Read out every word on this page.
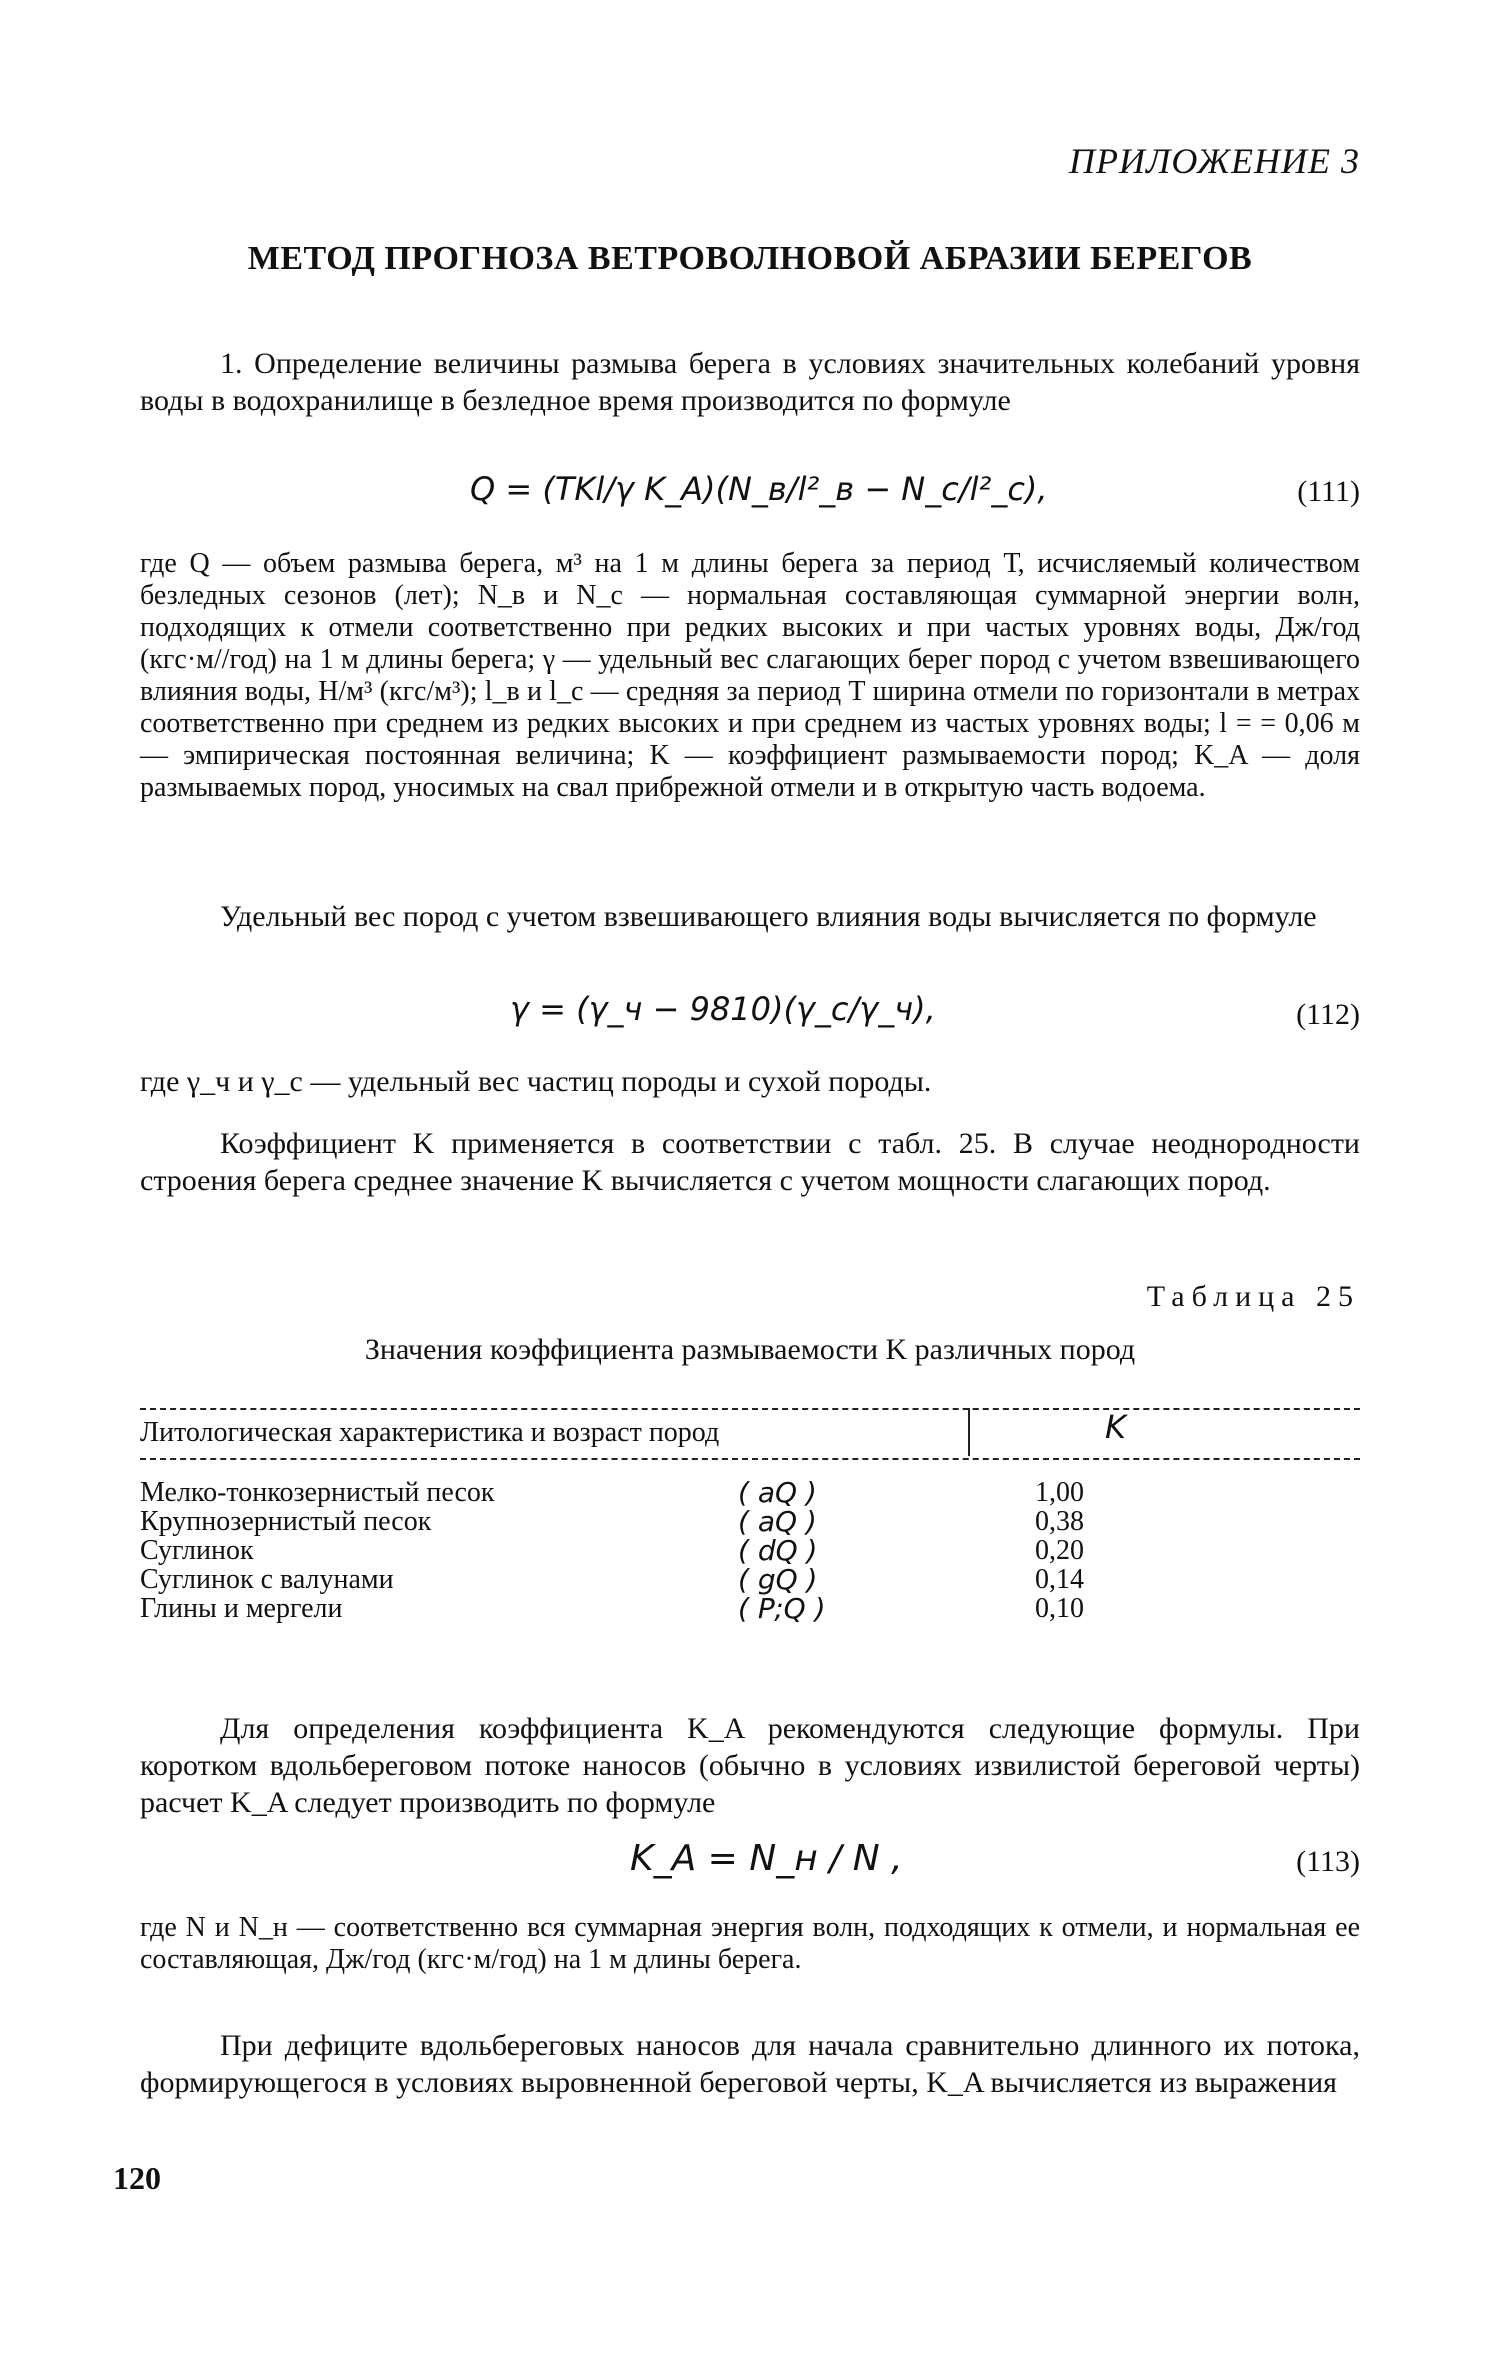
ПРИЛОЖЕНИЕ 3
МЕТОД ПРОГНОЗА ВЕТРОВОЛНОВОЙ АБРАЗИИ БЕРЕГОВ

1. Определение величины размыва берега в условиях значительных колебаний уровня воды в водохранилище в безледное время производится по формуле

Q = (TKl/γ K_A)(N_в/l²_в − N_с/l²_с),	(111)

где Q — объем размыва берега, м³ на 1 м длины берега за период Т, исчисляемый количеством безледных сезонов (лет); N_в и N_с — нормальная составляющая суммарной энергии волн, подходящих к отмели соответственно при редких высоких и при частых уровнях воды, Дж/год (кгс·м//год) на 1 м длины берега; γ — удельный вес слагающих берег пород с учетом взвешивающего влияния воды, Н/м³ (кгс/м³); l_в и l_с — средняя за период Т ширина отмели по горизонтали в метрах соответственно при среднем из редких высоких и при среднем из частых уровнях воды; l = = 0,06 м — эмпирическая постоянная величина; K — коэффициент размываемости пород; K_A — доля размываемых пород, уносимых на свал прибрежной отмели и в открытую часть водоема.

Удельный вес пород с учетом взвешивающего влияния воды вычисляется по формуле

γ = (γ_ч − 9810)(γ_с/γ_ч),	(112)

где γ_ч и γ_с — удельный вес частиц породы и сухой породы.

Коэффициент K применяется в соответствии с табл. 25. В случае неоднородности строения берега среднее значение K вычисляется с учетом мощности слагающих пород.

Таблица 25
Значения коэффициента размываемости K различных пород
Литологическая характеристика и возраст пород	K
Мелко-тонкозернистый песок	( aQ )	1,00
Крупнозернистый песок	( aQ )	0,38
Суглинок	( dQ )	0,20
Суглинок с валунами	( gQ )	0,14
Глины и мергели	( P;Q )	0,10

Для определения коэффициента K_A рекомендуются следующие формулы. При коротком вдольбереговом потоке наносов (обычно в условиях извилистой береговой черты) расчет K_A следует производить по формуле

K_A = N_н / N ,	(113)

где N и N_н — соответственно вся суммарная энергия волн, подходящих к отмели, и нормальная ее составляющая, Дж/год (кгс·м/год) на 1 м длины берега.

При дефиците вдольбереговых наносов для начала сравнительно длинного их потока, формирующегося в условиях выровненной береговой черты, K_A вычисляется из выражения

120
